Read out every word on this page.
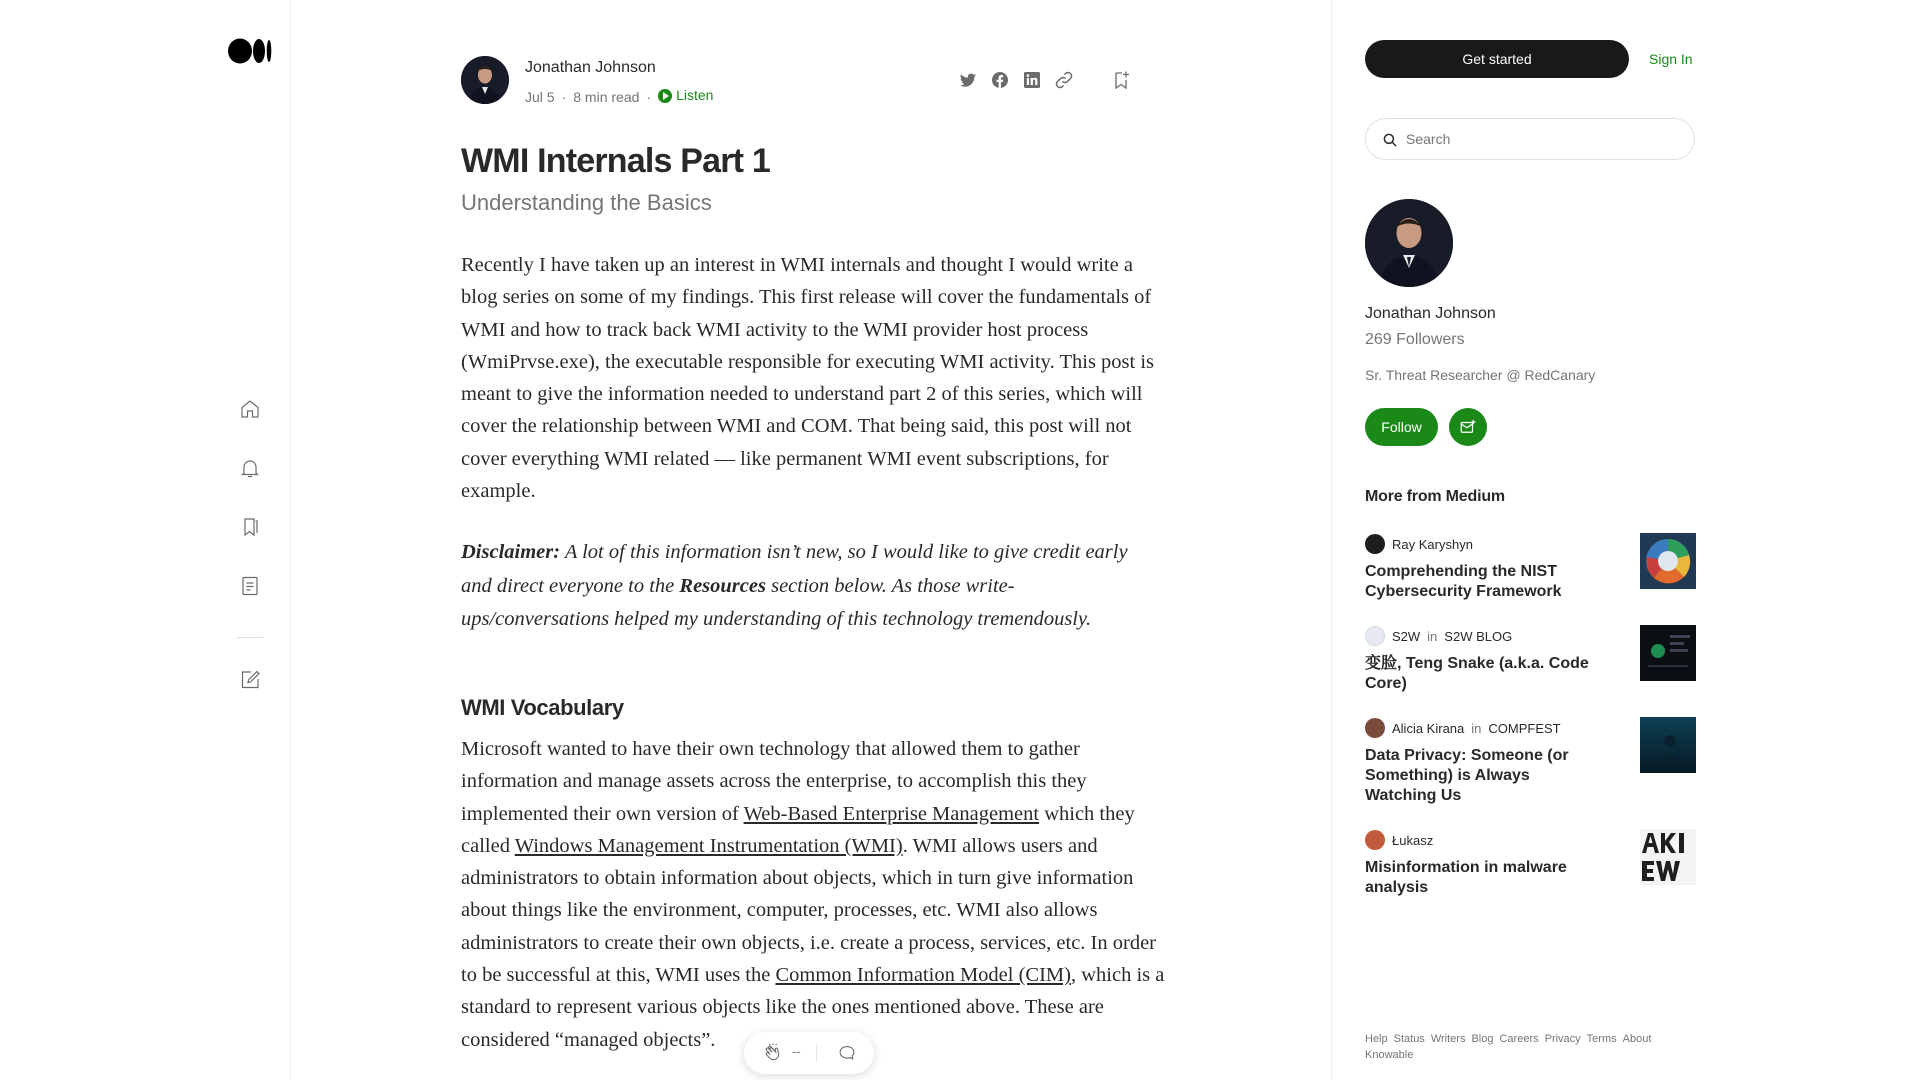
Jonathan Johnson
Jul 5 · 8 min read · Listen
WMI Internals Part 1
Understanding the Basics

Recently I have taken up an interest in WMI internals and thought I would write a blog series on some of my findings. This first release will cover the fundamentals of WMI and how to track back WMI activity to the WMI provider host process (WmiPrvse.exe), the executable responsible for executing WMI activity. This post is meant to give the information needed to understand part 2 of this series, which will cover the relationship between WMI and COM. That being said, this post will not cover everything WMI related — like permanent WMI event subscriptions, for example.

Disclaimer: A lot of this information isn’t new, so I would like to give credit early and direct everyone to the Resources section below. As those write-ups/conversations helped my understanding of this technology tremendously.

WMI Vocabulary

Microsoft wanted to have their own technology that allowed them to gather information and manage assets across the enterprise, to accomplish this they implemented their own version of Web-Based Enterprise Management which they called Windows Management Instrumentation (WMI). WMI allows users and administrators to obtain information about objects, which in turn give information about things like the environment, computer, processes, etc. WMI also allows administrators to create their own objects, i.e. create a process, services, etc. In order to be successful at this, WMI uses the Common Information Model (CIM), which is a standard to represent various objects like the ones mentioned above. These are considered “managed objects”.

--
Get started	Sign In
Search
Jonathan Johnson
269 Followers
Sr. Threat Researcher @ RedCanary
Follow
More from Medium
Ray Karyshyn
Comprehending the NIST Cybersecurity Framework
S2W in S2W BLOG
变脸, Teng Snake (a.k.a. Code Core)
Alicia Kirana in COMPFEST
Data Privacy: Someone (or Something) is Always Watching Us
Łukasz
Misinformation in malware analysis
Help Status Writers Blog Careers Privacy Terms About
Knowable
